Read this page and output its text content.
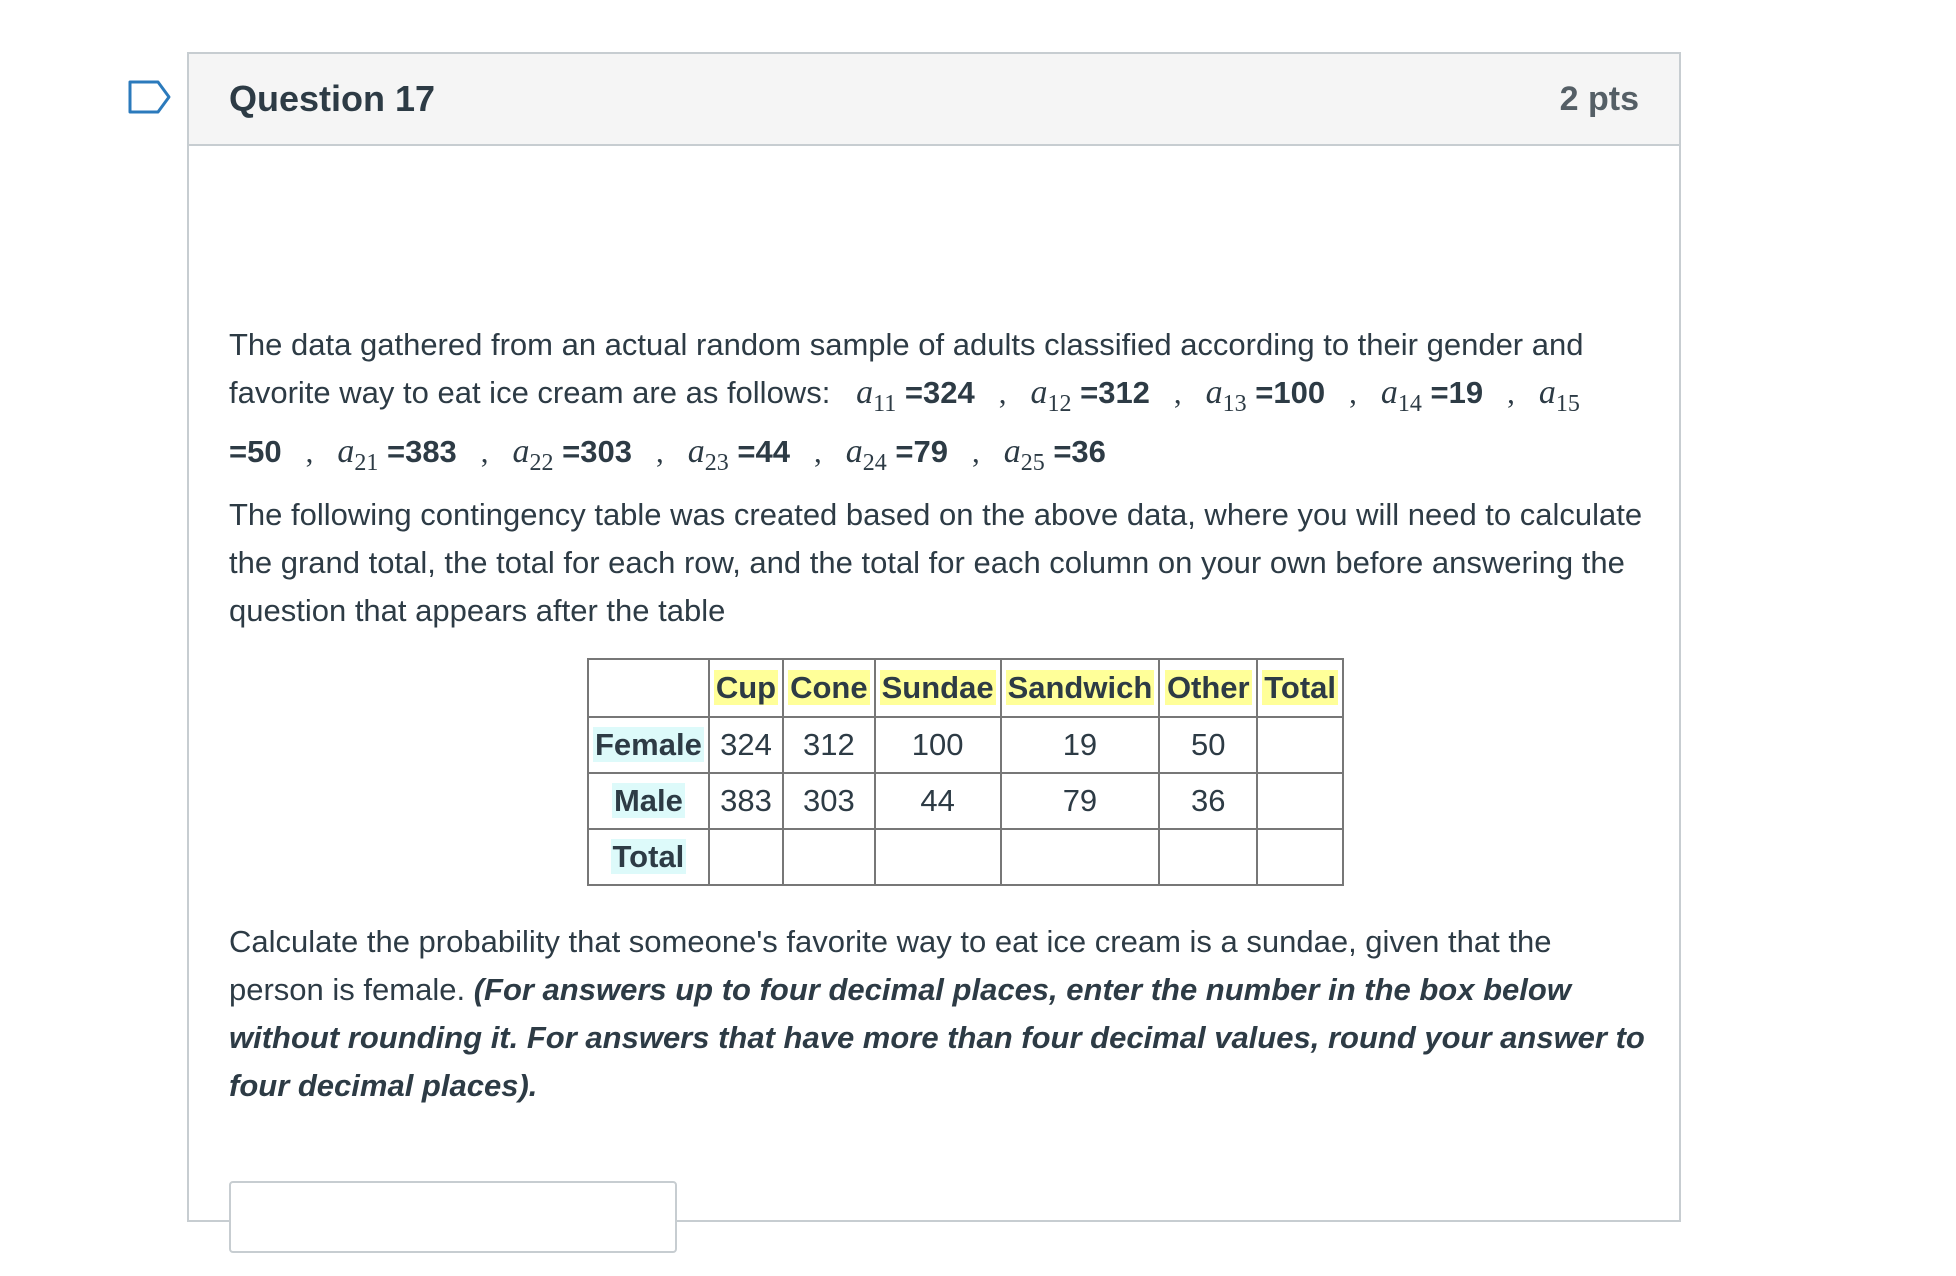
Question 17	2 pts

The data gathered from an actual random sample of adults classified according to their gender and favorite way to eat ice cream are as follows: $a_{11} =324$ , $a_{12} =312$ , $a_{13} =100$ , $a_{14} =19$ , $a_{15} =50$ , $a_{21} =383$ , $a_{22} =303$ , $a_{23} =44$ , $a_{24} =79$ , $a_{25} =36$

The following contingency table was created based on the above data, where you will need to calculate the grand total, the total for each row, and the total for each column on your own before answering the question that appears after the table

	Cup	Cone	Sundae	Sandwich	Other	Total
Female	324	312	100	19	50	
Male	383	303	44	79	36	
Total						

Calculate the probability that someone's favorite way to eat ice cream is a sundae, given that the person is female. (For answers up to four decimal places, enter the number in the box below without rounding it. For answers that have more than four decimal values, round your answer to four decimal places).
